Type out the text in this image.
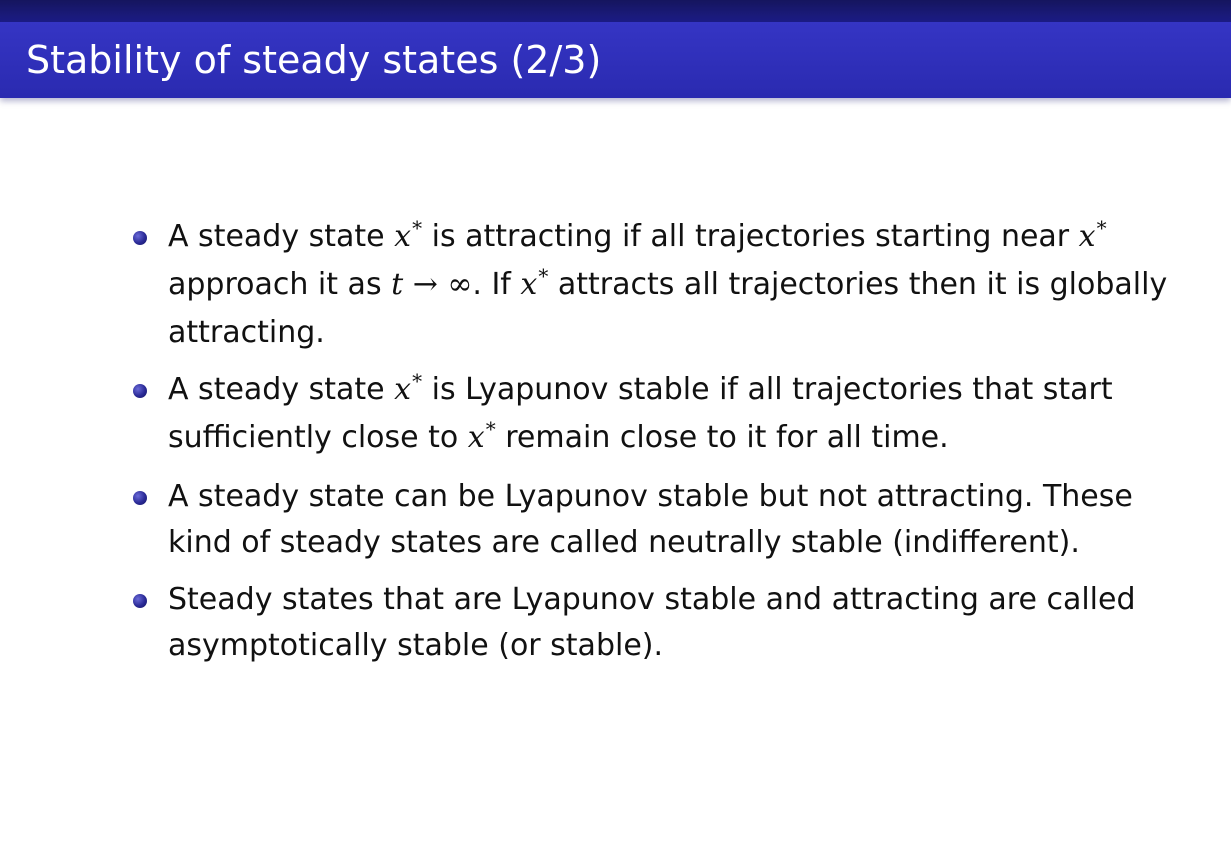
Stability of steady states (2/3)
A steady state x* is attracting if all trajectories starting near x* approach it as t → ∞. If x* attracts all trajectories then it is globally attracting.
A steady state x* is Lyapunov stable if all trajectories that start sufficiently close to x* remain close to it for all time.
A steady state can be Lyapunov stable but not attracting. These kind of steady states are called neutrally stable (indifferent).
Steady states that are Lyapunov stable and attracting are called asymptotically stable (or stable).
